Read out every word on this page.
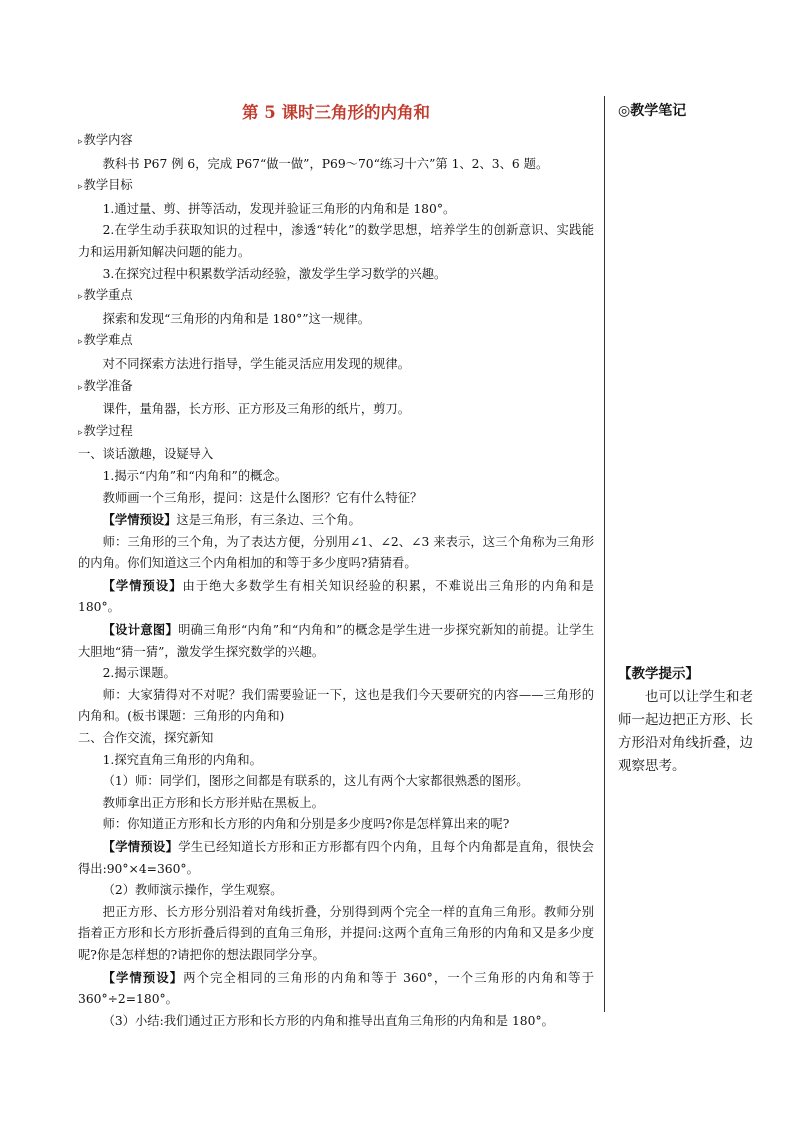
第 5 课时三角形的内角和
▹教学内容

教科书 P67 例 6，完成 P67“做一做”，P69～70“练习十六”第 1、2、3、6 题。

▹教学目标

1.通过量、剪、拼等活动，发现并验证三角形的内角和是 180°。

2.在学生动手获取知识的过程中，渗透“转化”的数学思想，培养学生的创新意识、实践能力和运用新知解决问题的能力。

3.在探究过程中积累数学活动经验，激发学生学习数学的兴趣。

▹教学重点

探索和发现“三角形的内角和是 180°”这一规律。

▹教学难点

对不同探索方法进行指导，学生能灵活应用发现的规律。

▹教学准备

课件，量角器，长方形、正方形及三角形的纸片，剪刀。

▹教学过程
一、谈话激趣，设疑导入

1.揭示“内角”和“内角和”的概念。

教师画一个三角形，提问：这是什么图形？它有什么特征？

【学情预设】这是三角形，有三条边、三个角。

师：三角形的三个角，为了表达方便，分别用∠1、∠2、∠3 来表示，这三个角称为三角形的内角。你们知道这三个内角相加的和等于多少度吗?猜猜看。

【学情预设】由于绝大多数学生有相关知识经验的积累，不难说出三角形的内角和是 180°。

【设计意图】明确三角形“内角”和“内角和”的概念是学生进一步探究新知的前提。让学生大胆地“猜一猜”，激发学生探究数学的兴趣。

2.揭示课题。

师：大家猜得对不对呢？我们需要验证一下，这也是我们今天要研究的内容——三角形的内角和。(板书课题：三角形的内角和)

二、合作交流，探究新知

1.探究直角三角形的内角和。

（1）师：同学们，图形之间都是有联系的，这儿有两个大家都很熟悉的图形。

教师拿出正方形和长方形并贴在黑板上。

师：你知道正方形和长方形的内角和分别是多少度吗?你是怎样算出来的呢?

【学情预设】学生已经知道长方形和正方形都有四个内角，且每个内角都是直角，很快会得出:90°×4=360°。

（2）教师演示操作，学生观察。

把正方形、长方形分别沿着对角线折叠，分别得到两个完全一样的直角三角形。教师分别指着正方形和长方形折叠后得到的直角三角形，并提问:这两个直角三角形的内角和又是多少度呢?你是怎样想的?请把你的想法跟同学分享。

【学情预设】两个完全相同的三角形的内角和等于 360°，一个三角形的内角和等于 360°÷2=180°。

（3）小结:我们通过正方形和长方形的内角和推导出直角三角形的内角和是 180°。

◎教学笔记
【教学提示】

也可以让学生和老师一起边把正方形、长方形沿对角线折叠，边观察思考。
